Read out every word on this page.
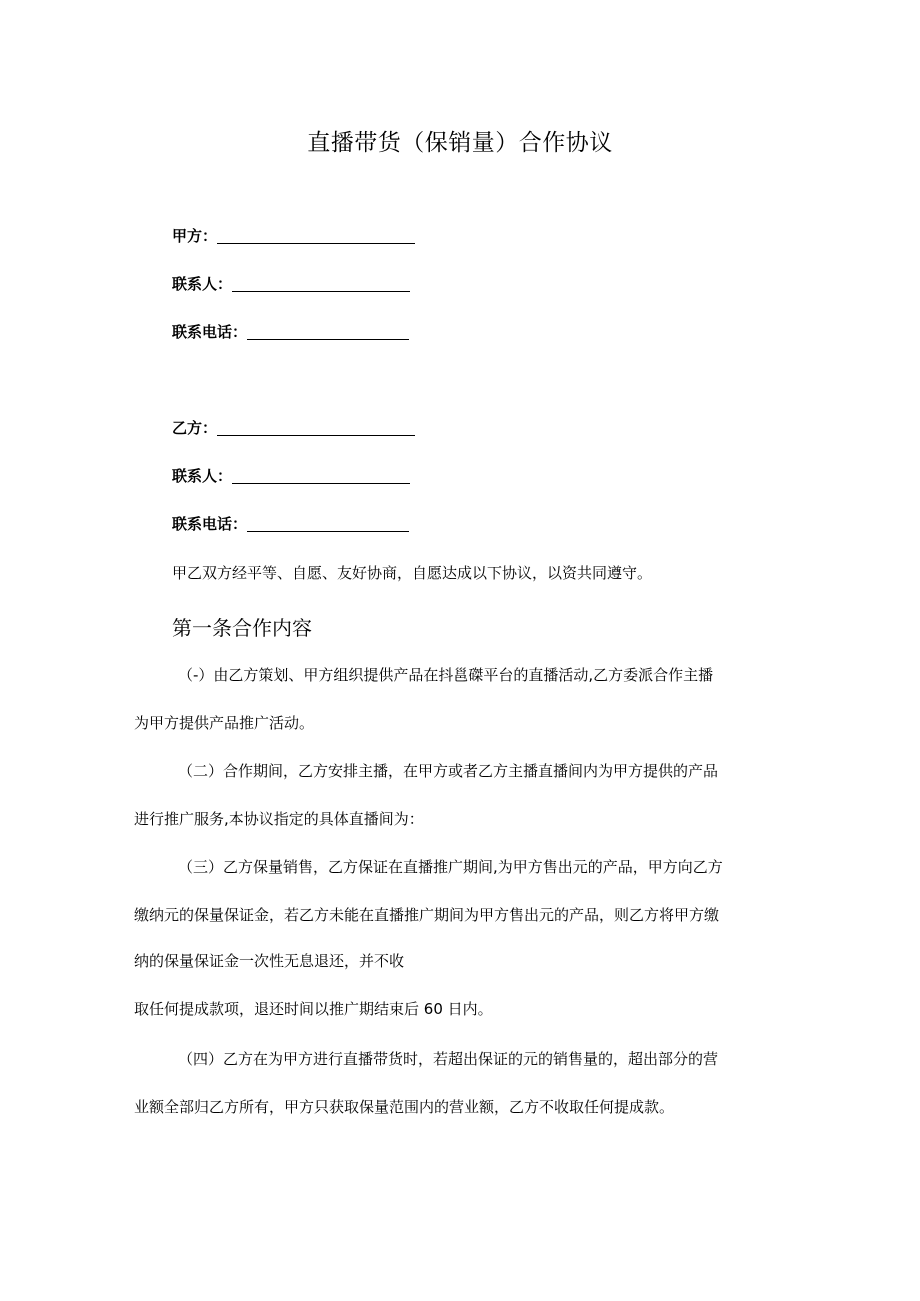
直播带货（保销量）合作协议
甲方：
联系人：
联系电话：
乙方：
联系人：
联系电话：
甲乙双方经平等、自愿、友好协商，自愿达成以下协议，以资共同遵守。
第一条合作内容
（-）由乙方策划、甲方组织提供产品在抖邕磔平台的直播活动,乙方委派合作主播
为甲方提供产品推广活动。
（二）合作期间，乙方安排主播，在甲方或者乙方主播直播间内为甲方提供的产品
进行推广服务,本协议指定的具体直播间为：
（三）乙方保量销售，乙方保证在直播推广期间,为甲方售出元的产品，甲方向乙方
缴纳元的保量保证金，若乙方未能在直播推广期间为甲方售出元的产品，则乙方将甲方缴
纳的保量保证金一次性无息退还，并不收
取任何提成款项，退还时间以推广期结束后 60 日内。
（四）乙方在为甲方进行直播带货时，若超出保证的元的销售量的，超出部分的营
业额全部归乙方所有，甲方只获取保量范围内的营业额，乙方不收取任何提成款。
